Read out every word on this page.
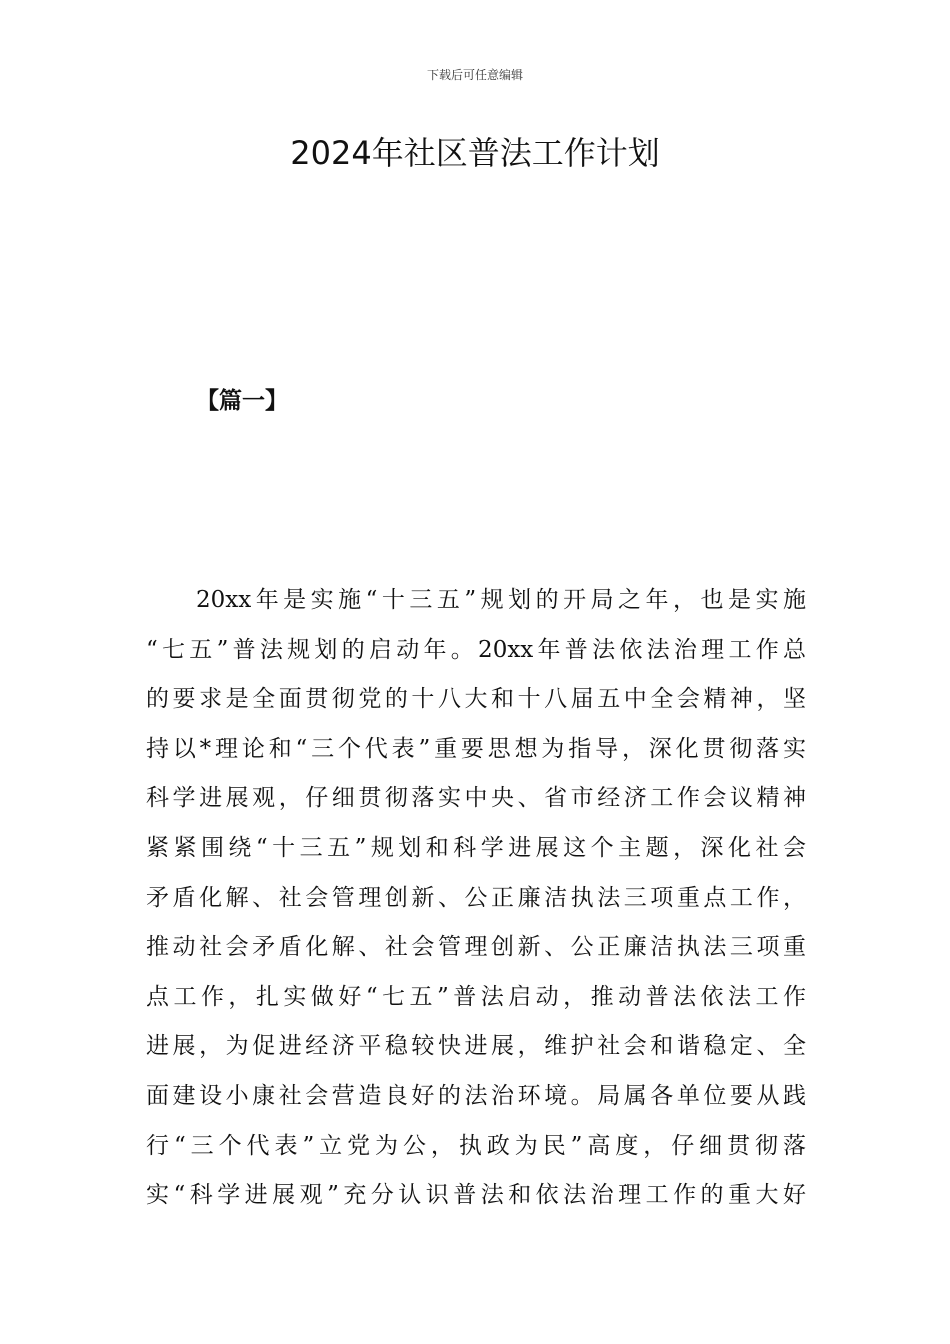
下载后可任意编辑
2024年社区普法工作计划
【篇一】
20xx年是实施“十三五”规划的开局之年，也是实施
“七五”普法规划的启动年。20xx年普法依法治理工作总
的要求是全面贯彻党的十八大和十八届五中全会精神，坚
持以*理论和“三个代表”重要思想为指导，深化贯彻落实
科学进展观，仔细贯彻落实中央、省市经济工作会议精神
紧紧围绕“十三五”规划和科学进展这个主题，深化社会
矛盾化解、社会管理创新、公正廉洁执法三项重点工作，
推动社会矛盾化解、社会管理创新、公正廉洁执法三项重
点工作，扎实做好“七五”普法启动，推动普法依法工作
进展，为促进经济平稳较快进展，维护社会和谐稳定、全
面建设小康社会营造良好的法治环境。局属各单位要从践
行“三个代表”立党为公，执政为民”高度，仔细贯彻落
实“科学进展观”充分认识普法和依法治理工作的重大好
